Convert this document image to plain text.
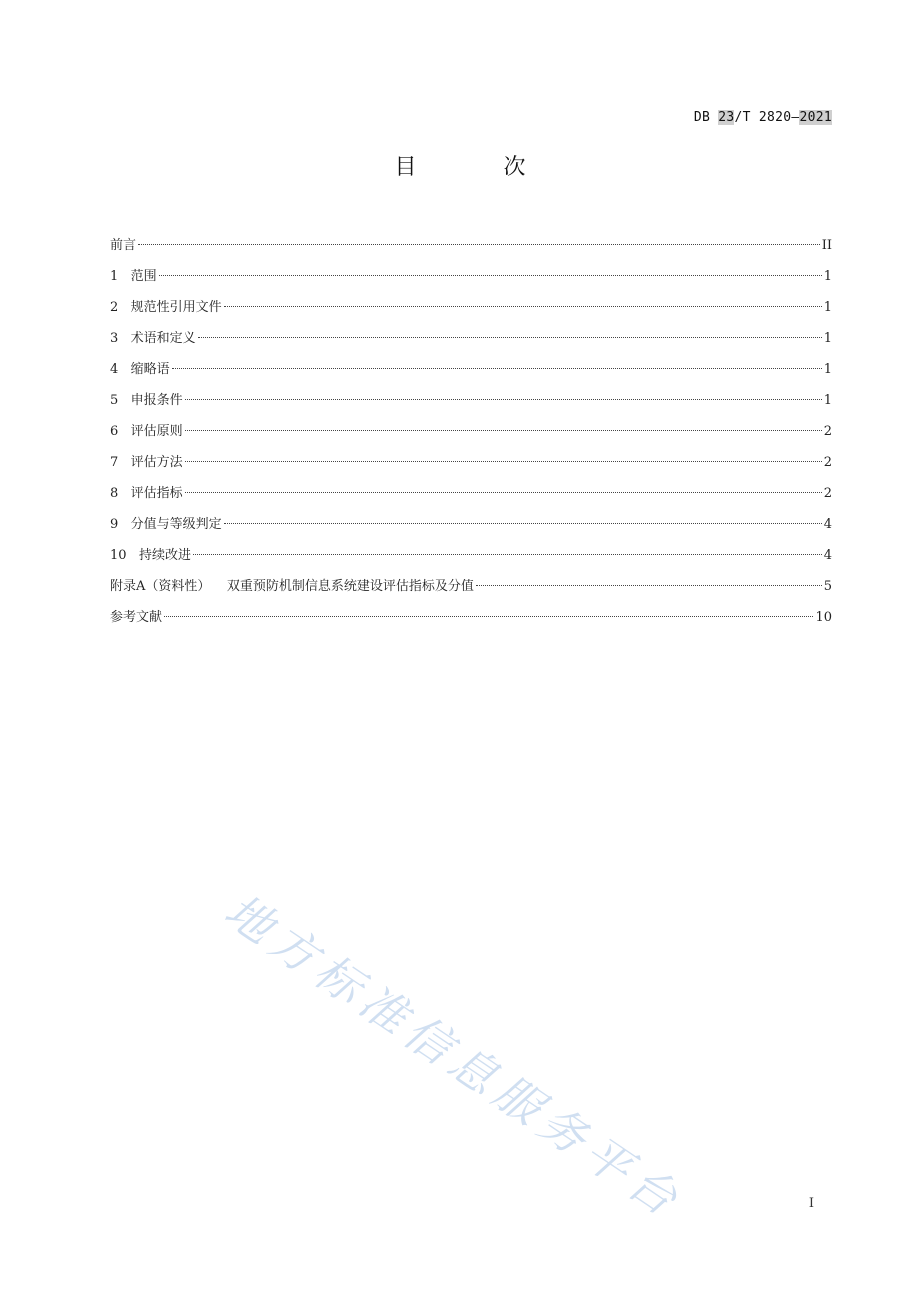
DB 23/T 2820—2021
目 次
前言	II
1 范围	1
2 规范性引用文件	1
3 术语和定义	1
4 缩略语	1
5 申报条件	1
6 评估原则	2
7 评估方法	2
8 评估指标	2
9 分值与等级判定	4
10 持续改进	4
附录A（资料性）    双重预防机制信息系统建设评估指标及分值	5
参考文献	10
地方标准信息服务平台	I
